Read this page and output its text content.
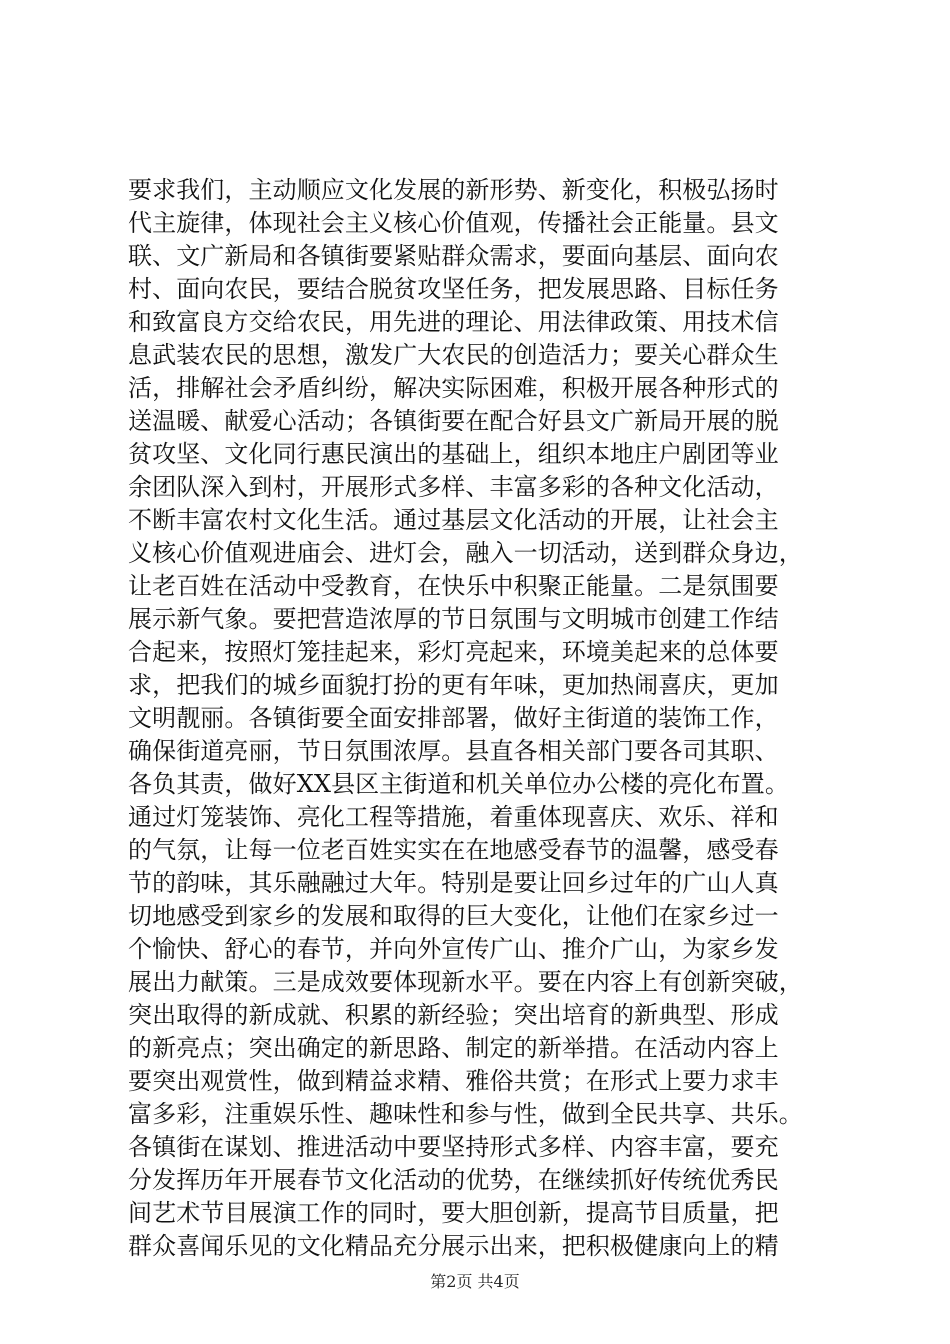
要求我们，主动顺应文化发展的新形势、新变化，积极弘扬时
代主旋律，体现社会主义核心价值观，传播社会正能量。县文
联、文广新局和各镇街要紧贴群众需求，要面向基层、面向农
村、面向农民，要结合脱贫攻坚任务，把发展思路、目标任务
和致富良方交给农民，用先进的理论、用法律政策、用技术信
息武装农民的思想，激发广大农民的创造活力；要关心群众生
活，排解社会矛盾纠纷，解决实际困难，积极开展各种形式的
送温暖、献爱心活动；各镇街要在配合好县文广新局开展的脱
贫攻坚、文化同行惠民演出的基础上，组织本地庄户剧团等业
余团队深入到村，开展形式多样、丰富多彩的各种文化活动，
不断丰富农村文化生活。通过基层文化活动的开展，让社会主
义核心价值观进庙会、进灯会，融入一切活动，送到群众身边，
让老百姓在活动中受教育，在快乐中积聚正能量。二是氛围要
展示新气象。要把营造浓厚的节日氛围与文明城市创建工作结
合起来，按照灯笼挂起来，彩灯亮起来，环境美起来的总体要
求，把我们的城乡面貌打扮的更有年味，更加热闹喜庆，更加
文明靓丽。各镇街要全面安排部署，做好主街道的装饰工作，
确保街道亮丽，节日氛围浓厚。县直各相关部门要各司其职、
各负其责，做好XX县区主街道和机关单位办公楼的亮化布置。
通过灯笼装饰、亮化工程等措施，着重体现喜庆、欢乐、祥和
的气氛，让每一位老百姓实实在在地感受春节的温馨，感受春
节的韵味，其乐融融过大年。特别是要让回乡过年的广山人真
切地感受到家乡的发展和取得的巨大变化，让他们在家乡过一
个愉快、舒心的春节，并向外宣传广山、推介广山，为家乡发
展出力献策。三是成效要体现新水平。要在内容上有创新突破，
突出取得的新成就、积累的新经验；突出培育的新典型、形成
的新亮点；突出确定的新思路、制定的新举措。在活动内容上
要突出观赏性，做到精益求精、雅俗共赏；在形式上要力求丰
富多彩，注重娱乐性、趣味性和参与性，做到全民共享、共乐。
各镇街在谋划、推进活动中要坚持形式多样、内容丰富，要充
分发挥历年开展春节文化活动的优势，在继续抓好传统优秀民
间艺术节目展演工作的同时，要大胆创新，提高节目质量，把
群众喜闻乐见的文化精品充分展示出来，把积极健康向上的精
第2页 共4页
